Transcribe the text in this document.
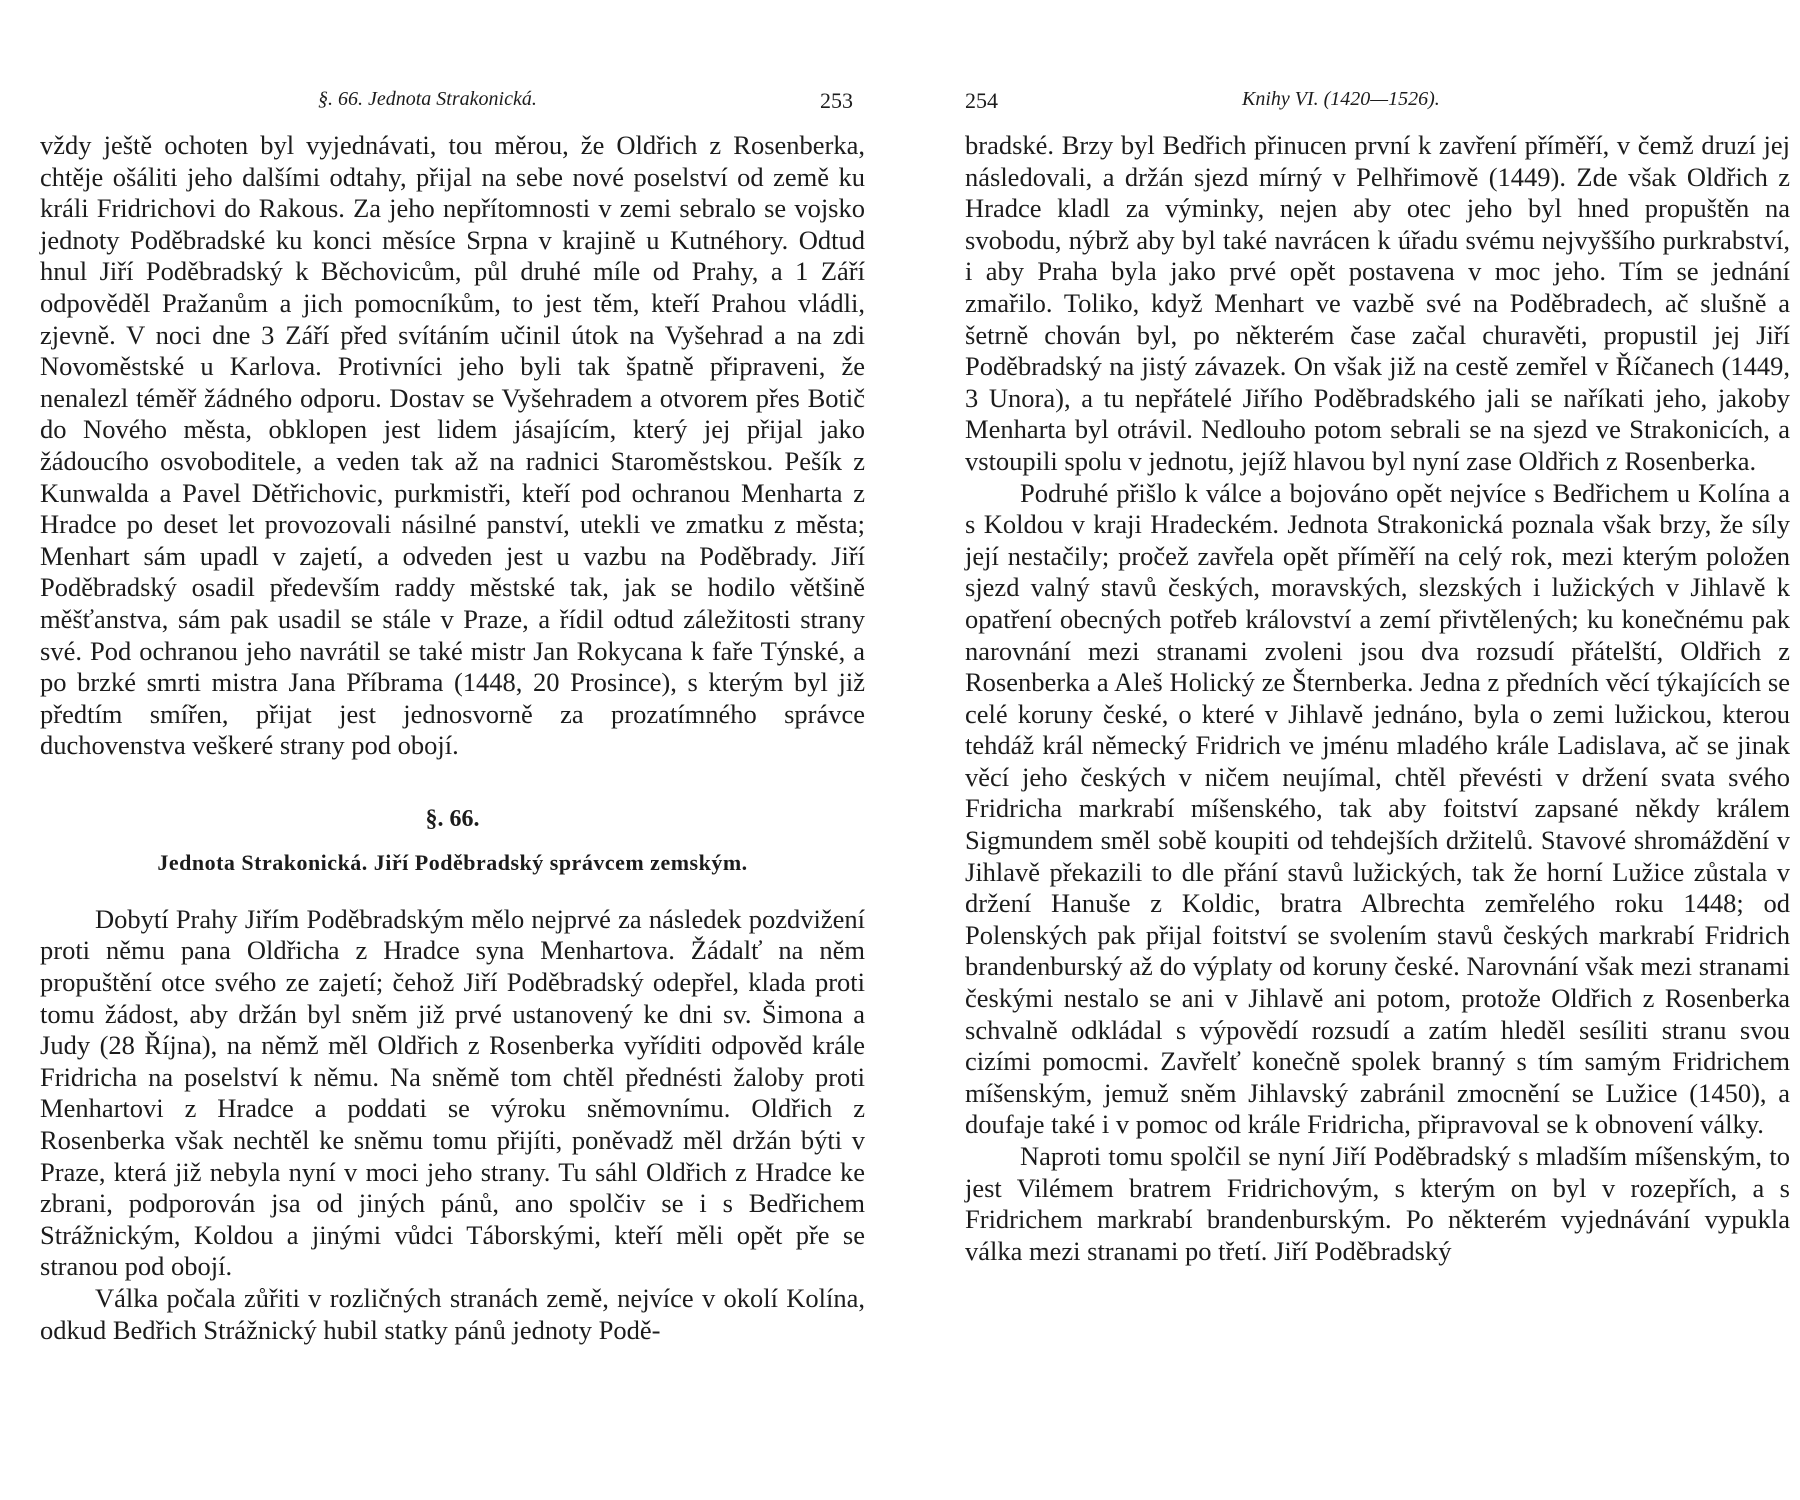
§. 66. Jednota Strakonická.	253

vždy ještě ochoten byl vyjednávati, tou měrou, že Oldřich z Rosenberka, chtěje ošáliti jeho dalšími odtahy, přijal na sebe nové poselství od země ku králi Fridrichovi do Rakous. Za jeho nepřítomnosti v zemi sebralo se vojsko jednoty Poděbradské ku konci měsíce Srpna v krajině u Kutnéhory. Odtud hnul Jiří Poděbradský k Běchovicům, půl druhé míle od Prahy, a 1 Září odpověděl Pražanům a jich pomocníkům, to jest těm, kteří Prahou vládli, zjevně. V noci dne 3 Září před svítáním učinil útok na Vyšehrad a na zdi Novoměstské u Karlova. Protivníci jeho byli tak špatně připraveni, že nenalezl téměř žádného odporu. Dostav se Vyšehradem a otvorem přes Botič do Nového města, obklopen jest lidem jásajícím, který jej přijal jako žádoucího osvoboditele, a veden tak až na radnici Staroměstskou. Pešík z Kunwalda a Pavel Dětřichovic, purkmistři, kteří pod ochranou Menharta z Hradce po deset let provozovali násilné panství, utekli ve zmatku z města; Menhart sám upadl v zajetí, a odveden jest u vazbu na Poděbrady. Jiří Poděbradský osadil především raddy městské tak, jak se hodilo většině měšťanstva, sám pak usadil se stále v Praze, a řídil odtud záležitosti strany své. Pod ochranou jeho navrátil se také mistr Jan Rokycana k faře Týnské, a po brzké smrti mistra Jana Příbrama (1448, 20 Prosince), s kterým byl již předtím smířen, přijat jest jednosvorně za prozatímného správce duchovenstva veškeré strany pod obojí.

§. 66.
Jednota Strakonická. Jiří Poděbradský správcem zemským.

Dobytí Prahy Jiřím Poděbradským mělo nejprvé za následek pozdvižení proti němu pana Oldřicha z Hradce syna Menhartova. Žádalť na něm propuštění otce svého ze zajetí; čehož Jiří Poděbradský odepřel, klada proti tomu žádost, aby držán byl sněm již prvé ustanovený ke dni sv. Šimona a Judy (28 Října), na němž měl Oldřich z Rosenberka vyříditi odpověd krále Fridricha na poselství k němu. Na sněmě tom chtěl přednésti žaloby proti Menhartovi z Hradce a poddati se výroku sněmovnímu. Oldřich z Rosenberka však nechtěl ke sněmu tomu přijíti, poněvadž měl držán býti v Praze, která již nebyla nyní v moci jeho strany. Tu sáhl Oldřich z Hradce ke zbrani, podporován jsa od jiných pánů, ano spolčiv se i s Bedřichem Strážnickým, Koldou a jinými vůdci Táborskými, kteří měli opět pře se stranou pod obojí.

Válka počala zůřiti v rozličných stranách země, nejvíce v okolí Kolína, odkud Bedřich Strážnický hubil statky pánů jednoty Podě-

254	Knihy VI. (1420—1526).

bradské. Brzy byl Bedřich přinucen první k zavření příměří, v čemž druzí jej následovali, a držán sjezd mírný v Pelhřimově (1449). Zde však Oldřich z Hradce kladl za výminky, nejen aby otec jeho byl hned propuštěn na svobodu, nýbrž aby byl také navrácen k úřadu svému nejvyššího purkrabství, i aby Praha byla jako prvé opět postavena v moc jeho. Tím se jednání zmařilo. Toliko, když Menhart ve vazbě své na Poděbradech, ač slušně a šetrně chován byl, po některém čase začal churavěti, propustil jej Jiří Poděbradský na jistý závazek. On však již na cestě zemřel v Říčanech (1449, 3 Unora), a tu nepřátelé Jiřího Poděbradského jali se naříkati jeho, jakoby Menharta byl otrávil. Nedlouho potom sebrali se na sjezd ve Strakonicích, a vstoupili spolu v jednotu, jejíž hlavou byl nyní zase Oldřich z Rosenberka.

Podruhé přišlo k válce a bojováno opět nejvíce s Bedřichem u Kolína a s Koldou v kraji Hradeckém. Jednota Strakonická poznala však brzy, že síly její nestačily; pročež zavřela opět příměří na celý rok, mezi kterým položen sjezd valný stavů českých, moravských, slezských i lužických v Jihlavě k opatření obecných potřeb království a zemí přivtělených; ku konečnému pak narovnání mezi stranami zvoleni jsou dva rozsudí přátelští, Oldřich z Rosenberka a Aleš Holický ze Šternberka. Jedna z předních věcí týkajících se celé koruny české, o které v Jihlavě jednáno, byla o zemi lužickou, kterou tehdáž král německý Fridrich ve jménu mladého krále Ladislava, ač se jinak věcí jeho českých v ničem neujímal, chtěl převésti v držení svata svého Fridricha markrabí míšenského, tak aby foitství zapsané někdy králem Sigmundem směl sobě koupiti od tehdejších držitelů. Stavové shromáždění v Jihlavě překazili to dle přání stavů lužických, tak že horní Lužice zůstala v držení Hanuše z Koldic, bratra Albrechta zemřelého roku 1448; od Polenských pak přijal foitství se svolením stavů českých markrabí Fridrich brandenburský až do výplaty od koruny české. Narovnání však mezi stranami českými nestalo se ani v Jihlavě ani potom, protože Oldřich z Rosenberka schvalně odkládal s výpovědí rozsudí a zatím hleděl sesíliti stranu svou cizími pomocmi. Zavřelť konečně spolek branný s tím samým Fridrichem míšenským, jemuž sněm Jihlavský zabránil zmocnění se Lužice (1450), a doufaje také i v pomoc od krále Fridricha, připravoval se k obnovení války.

Naproti tomu spolčil se nyní Jiří Poděbradský s mladším míšenským, to jest Vilémem bratrem Fridrichovým, s kterým on byl v rozepřích, a s Fridrichem markrabí brandenburským. Po některém vyjednávání vypukla válka mezi stranami po třetí. Jiří Poděbradský
